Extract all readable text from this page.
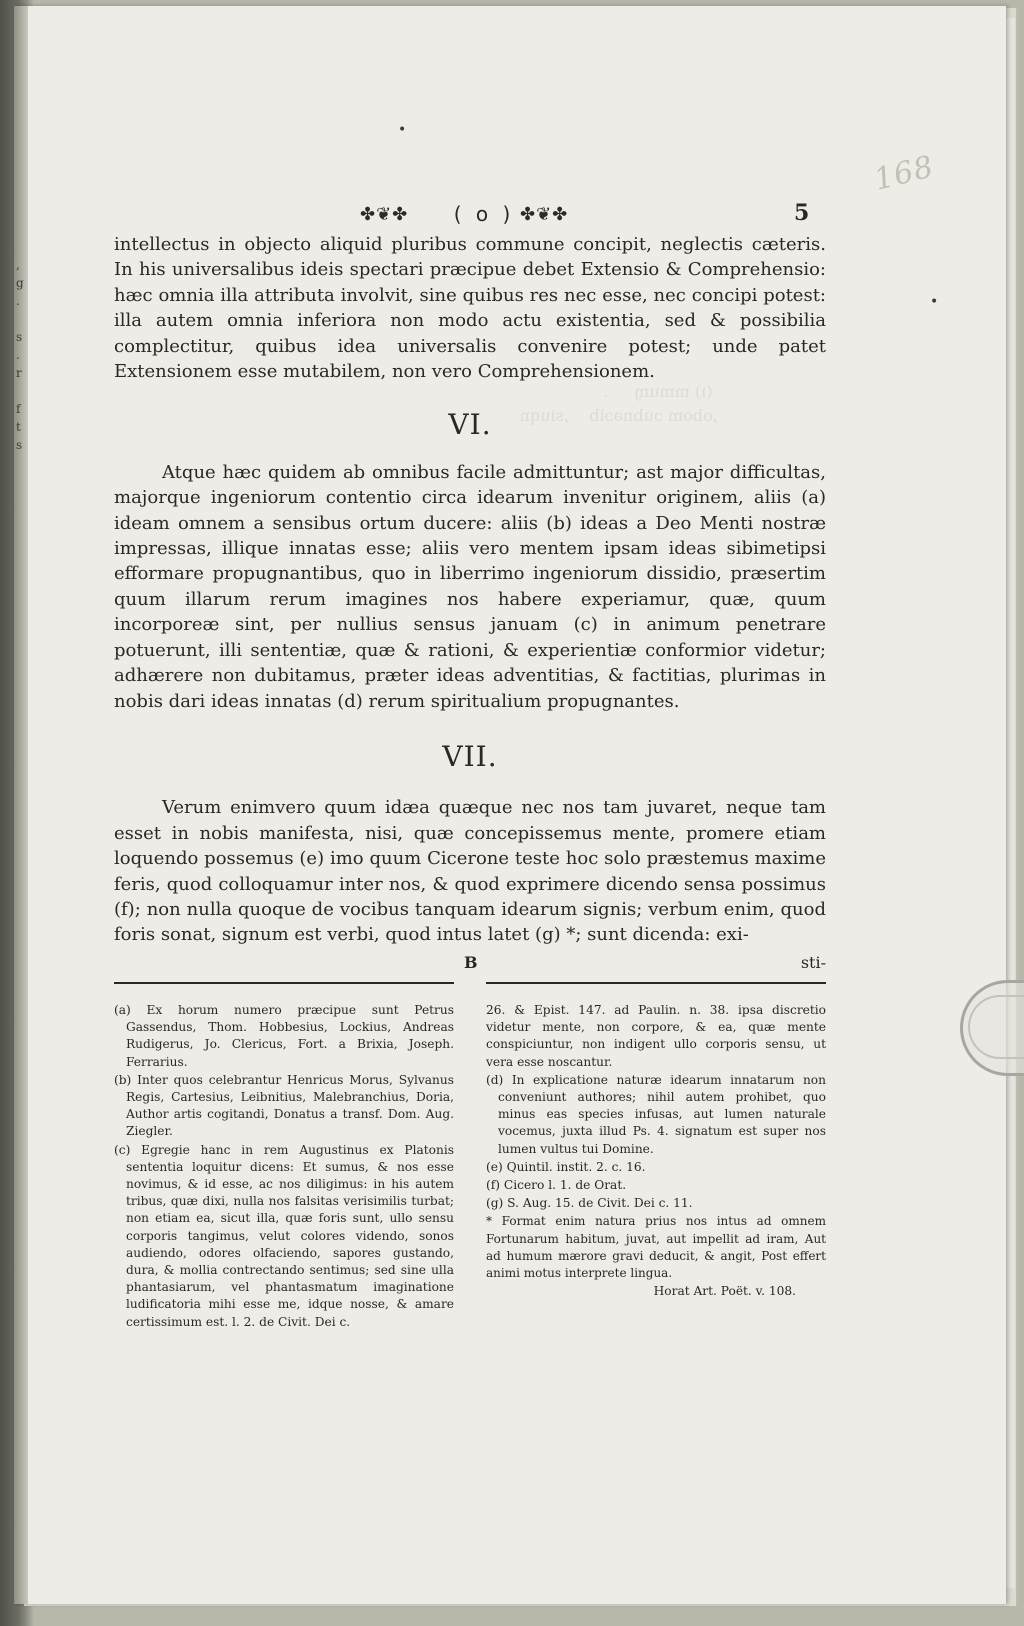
,
g
.

s
.
r

f
t
s

(ı) mmuɱ     .
,obom ɔubnəɔib    ,siuqn

•
•
168
✤❦✤	( o ) ✤❦✤	5

intellectus in objecto aliquid pluribus commune concipit, neglectis cæteris. In his universalibus ideis spectari præcipue debet Extensio & Comprehensio: hæc omnia illa attributa involvit, sine quibus res nec esse, nec concipi potest: illa autem omnia inferiora non modo actu existentia, sed & possibilia complectitur, quibus idea universalis convenire potest; unde patet Extensionem esse mutabilem, non vero Comprehensionem.

VI.

Atque hæc quidem ab omnibus facile admittuntur; ast major difficultas, majorque ingeniorum contentio circa idearum invenitur originem, aliis (a) ideam omnem a sensibus ortum ducere: aliis (b) ideas a Deo Menti nostræ impressas, illique innatas esse; aliis vero mentem ipsam ideas sibimetipsi efformare propugnantibus, quo in liberrimo ingeniorum dissidio, præsertim quum illarum rerum imagines nos habere experiamur, quæ, quum incorporeæ sint, per nullius sensus januam (c) in animum penetrare potuerunt, illi sententiæ, quæ & rationi, & experientiæ conformior videtur; adhærere non dubitamus, præter ideas adventitias, & factitias, plurimas in nobis dari ideas innatas (d) rerum spiritualium propugnantes.

VII.

Verum enimvero quum idæa quæque nec nos tam juvaret, neque tam esset in nobis manifesta, nisi, quæ concepissemus mente, promere etiam loquendo possemus (e) imo quum Cicerone teste hoc solo præstemus maxime feris, quod colloquamur inter nos, & quod exprimere dicendo sensa possimus (f); non nulla quoque de vocibus tanquam idearum signis; verbum enim, quod foris sonat, signum est verbi, quod intus latet (g) *; sunt dicenda: exi-

B	sti-

(a) Ex horum numero præcipue sunt Petrus Gassendus, Thom. Hobbesius, Lockius, Andreas Rudigerus, Jo. Clericus, Fort. a Brixia, Joseph. Ferrarius.

(b) Inter quos celebrantur Henricus Morus, Sylvanus Regis, Cartesius, Leibnitius, Malebranchius, Doria, Author artis cogitandi, Donatus a transf. Dom. Aug. Ziegler.

(c) Egregie hanc in rem Augustinus ex Platonis sententia loquitur dicens: Et sumus, & nos esse novimus, & id esse, ac nos diligimus: in his autem tribus, quæ dixi, nulla nos falsitas verisimilis turbat; non etiam ea, sicut illa, quæ foris sunt, ullo sensu corporis tangimus, velut colores videndo, sonos audiendo, odores olfaciendo, sapores gustando, dura, & mollia contrectando sentimus; sed sine ulla phantasiarum, vel phantasmatum imaginatione ludificatoria mihi esse me, idque nosse, & amare certissimum est. l. 2. de Civit. Dei c.

26. & Epist. 147. ad Paulin. n. 38. ipsa discretio videtur mente, non corpore, & ea, quæ mente conspiciuntur, non indigent ullo corporis sensu, ut vera esse noscantur.

(d) In explicatione naturæ idearum innatarum non conveniunt authores; nihil autem prohibet, quo minus eas species infusas, aut lumen naturale vocemus, juxta illud Ps. 4. signatum est super nos lumen vultus tui Domine.

(e) Quintil. instit. 2. c. 16.

(f) Cicero l. 1. de Orat.

(g) S. Aug. 15. de Civit. Dei c. 11.

* Format enim natura prius nos intus ad omnem Fortunarum habitum, juvat, aut impellit ad iram, Aut ad humum mærore gravi deducit, & angit, Post effert animi motus interprete lingua.

Horat Art. Poët. v. 108.
